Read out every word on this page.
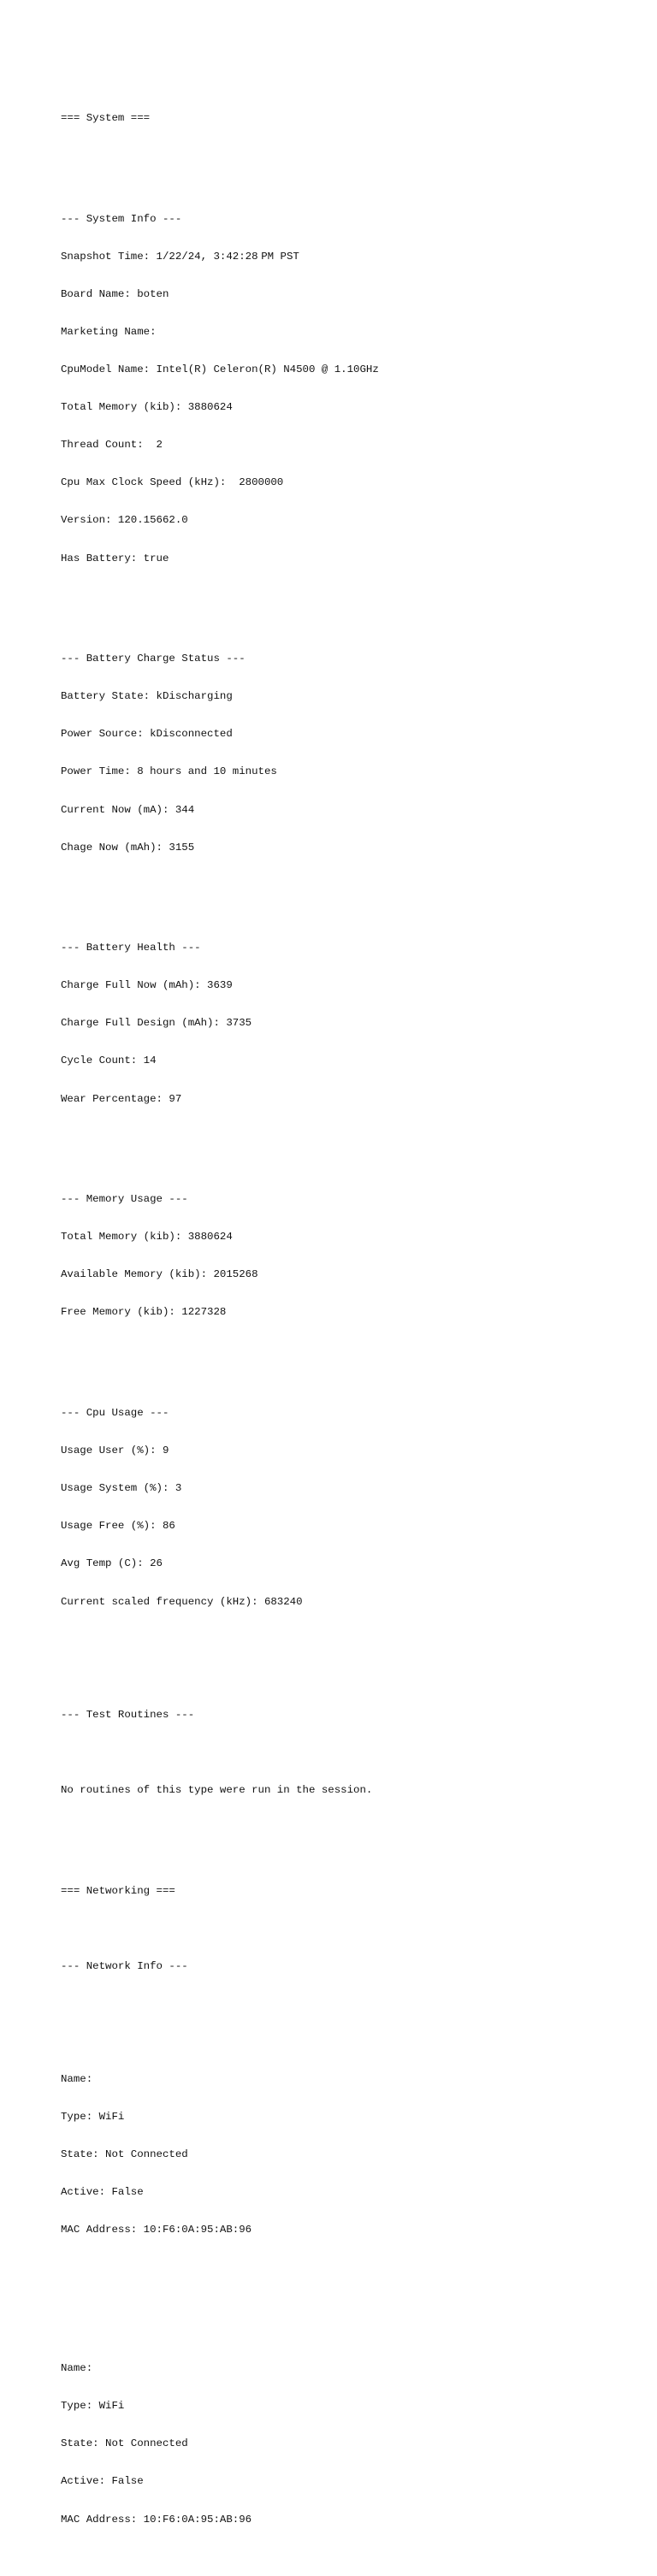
=== System ===

--- System Info ---

Snapshot Time: 1/22/24, 3:42:28 PM PST

Board Name: boten

Marketing Name:

CpuModel Name: Intel(R) Celeron(R) N4500 @ 1.10GHz

Total Memory (kib): 3880624

Thread Count:  2

Cpu Max Clock Speed (kHz):  2800000

Version: 120.15662.0

Has Battery: true

--- Battery Charge Status ---

Battery State: kDischarging

Power Source: kDisconnected

Power Time: 8 hours and 10 minutes

Current Now (mA): 344

Chage Now (mAh): 3155

--- Battery Health ---

Charge Full Now (mAh): 3639

Charge Full Design (mAh): 3735

Cycle Count: 14

Wear Percentage: 97

--- Memory Usage ---

Total Memory (kib): 3880624

Available Memory (kib): 2015268

Free Memory (kib): 1227328

--- Cpu Usage ---

Usage User (%): 9

Usage System (%): 3

Usage Free (%): 86

Avg Temp (C): 26

Current scaled frequency (kHz): 683240

--- Test Routines ---

No routines of this type were run in the session.

=== Networking ===

--- Network Info ---

Name:

Type: WiFi

State: Not Connected

Active: False

MAC Address: 10:F6:0A:95:AB:96

Name:

Type: WiFi

State: Not Connected

Active: False

MAC Address: 10:F6:0A:95:AB:96
